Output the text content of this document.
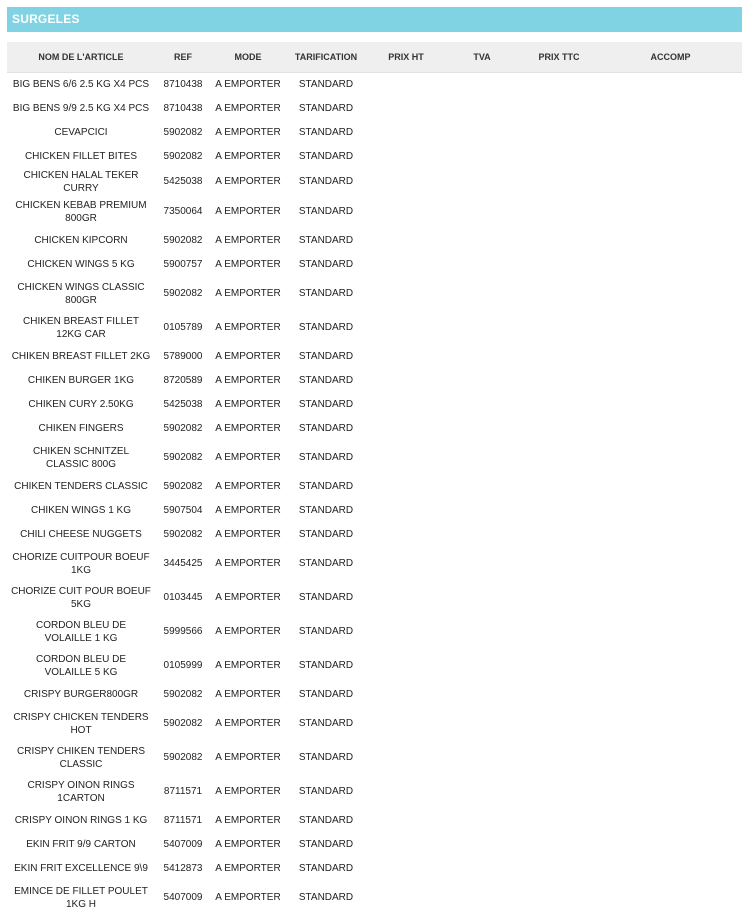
SURGELES
NOM DE L'ARTICLE	REF	MODE	TARIFICATION	PRIX HT	TVA	PRIX TTC	ACCOMP
BIG BENS 6/6 2.5 KG X4 PCS	8710438	A EMPORTER	STANDARD				
BIG BENS 9/9 2.5 KG X4 PCS	8710438	A EMPORTER	STANDARD				
CEVAPCICI	5902082	A EMPORTER	STANDARD				
CHICKEN FILLET BITES	5902082	A EMPORTER	STANDARD				
CHICKEN HALAL TEKER CURRY	5425038	A EMPORTER	STANDARD				
CHICKEN KEBAB PREMIUM 800GR	7350064	A EMPORTER	STANDARD				
CHICKEN KIPCORN	5902082	A EMPORTER	STANDARD				
CHICKEN WINGS 5 KG	5900757	A EMPORTER	STANDARD				
CHICKEN WINGS CLASSIC 800GR	5902082	A EMPORTER	STANDARD				
CHIKEN BREAST FILLET 12KG CAR	0105789	A EMPORTER	STANDARD				
CHIKEN BREAST FILLET 2KG	5789000	A EMPORTER	STANDARD				
CHIKEN BURGER 1KG	8720589	A EMPORTER	STANDARD				
CHIKEN CURY 2.50KG	5425038	A EMPORTER	STANDARD				
CHIKEN FINGERS	5902082	A EMPORTER	STANDARD				
CHIKEN SCHNITZEL CLASSIC 800G	5902082	A EMPORTER	STANDARD				
CHIKEN TENDERS CLASSIC	5902082	A EMPORTER	STANDARD				
CHIKEN WINGS 1 KG	5907504	A EMPORTER	STANDARD				
CHILI CHEESE NUGGETS	5902082	A EMPORTER	STANDARD				
CHORIZE CUITPOUR BOEUF 1KG	3445425	A EMPORTER	STANDARD				
CHORIZE CUIT POUR BOEUF 5KG	0103445	A EMPORTER	STANDARD				
CORDON BLEU DE VOLAILLE 1 KG	5999566	A EMPORTER	STANDARD				
CORDON BLEU DE VOLAILLE 5 KG	0105999	A EMPORTER	STANDARD				
CRISPY BURGER800GR	5902082	A EMPORTER	STANDARD				
CRISPY CHICKEN TENDERS HOT	5902082	A EMPORTER	STANDARD				
CRISPY CHIKEN TENDERS CLASSIC	5902082	A EMPORTER	STANDARD				
CRISPY OINON RINGS 1CARTON	8711571	A EMPORTER	STANDARD				
CRISPY OINON RINGS 1 KG	8711571	A EMPORTER	STANDARD				
EKIN FRIT 9/9 CARTON	5407009	A EMPORTER	STANDARD				
EKIN FRIT EXCELLENCE 9\9	5412873	A EMPORTER	STANDARD				
EMINCE DE FILLET POULET 1KG H	5407009	A EMPORTER	STANDARD				
